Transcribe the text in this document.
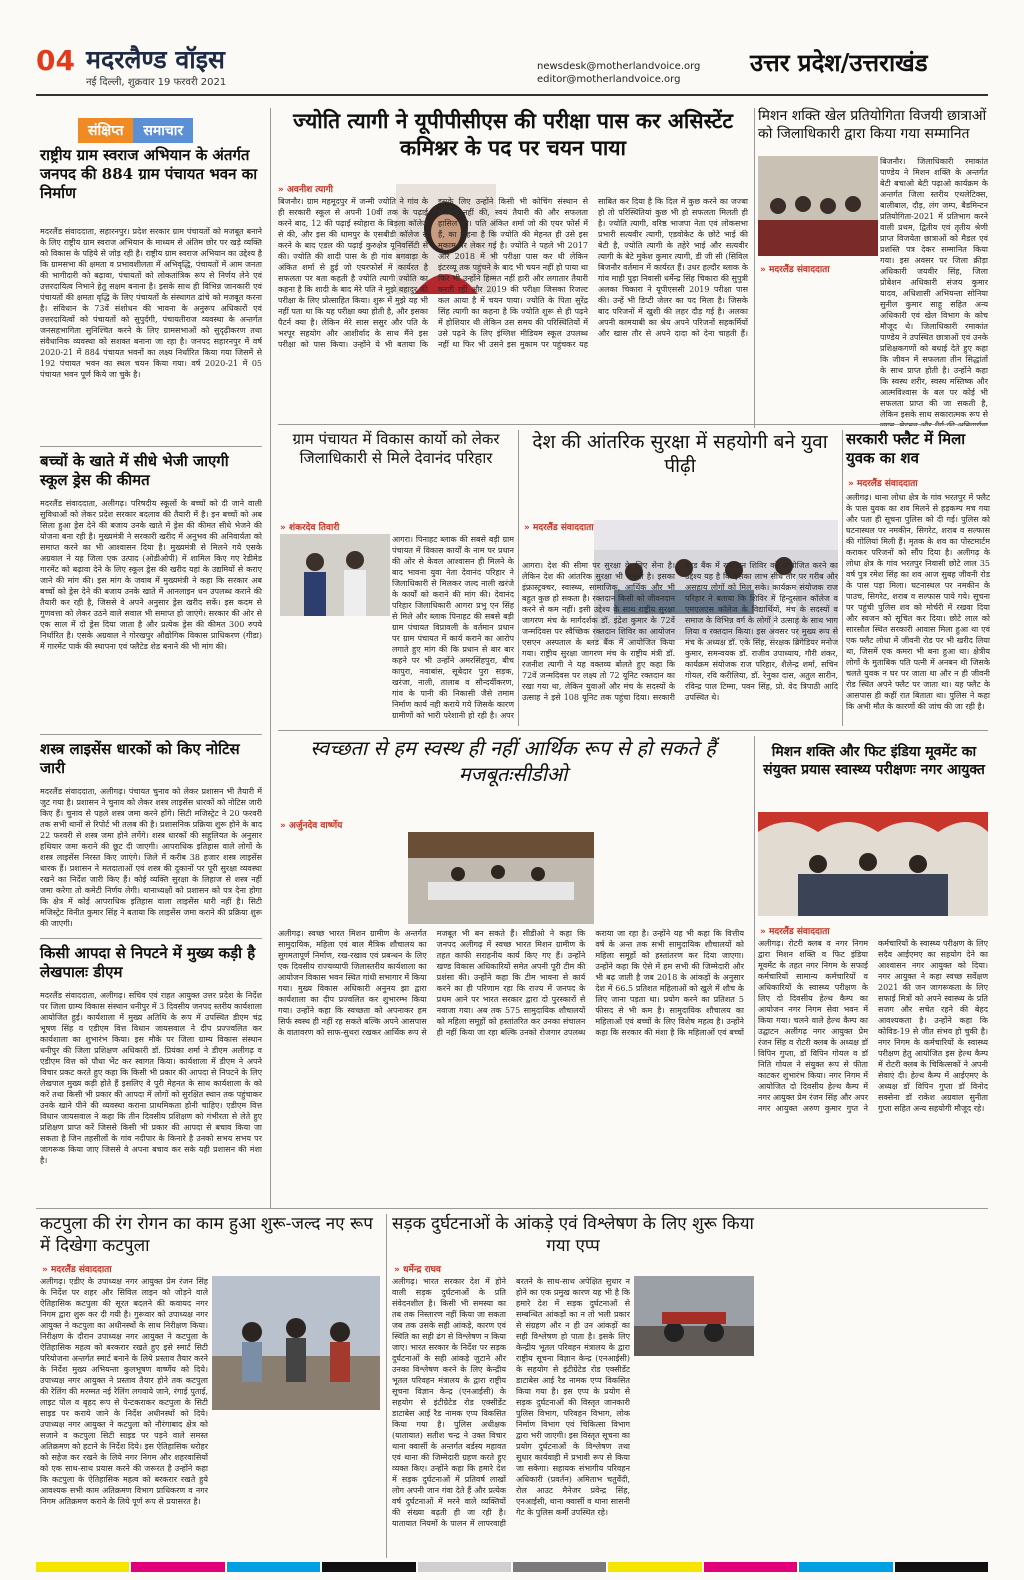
04 मदरलैण्ड वॉइस
नई दिल्ली, शुक्रवार 19 फरवरी 2021
newsdesk@motherlandvoice.org
editor@motherlandvoice.org
उत्तर प्रदेश/उत्तराखंड
संक्षिप्त समाचार
राष्ट्रीय ग्राम स्वराज अभियान के अंतर्गत जनपद की 884 ग्राम पंचायत भवन का निर्माण
मदरलैंड संवाददाता, सहारनपुर। प्रदेश सरकार ग्राम पंचायतों को मजबूत बनाने के लिए राष्ट्रीय ग्राम स्वराज अभियान के माध्यम से अंतिम छोर पर खड़े व्यक्ति को विकास के पहिये से जोड़ रही है। राष्ट्रीय ग्राम स्वराज अभियान का उद्देश्य है कि ग्रामसभा की क्षमता व प्रभावशीलता में अभिवृद्धि, पंचायतों में आम जनता की भागीदारी को बढ़ावा, पंचायतों को लोकतांत्रिक रूप से निर्णय लेने एवं उत्तरदायित्व निभाने हेतु सक्षम बनाना है। इसके साथ ही विभिन्न जानकारी एवं पंचायतों की क्षमता वृद्धि के लिए पंचायतों के संस्थागत ढांचे को मजबूत करना है। संविधान के 73वें संशोधन की भावना के अनुरूप अधिकारों एवं उत्तरदायित्वों को पंचायतों को सुपुर्दगी, पंचायतीराज व्यवस्था के अन्तर्गत जनसहभागिता सुनिश्चित करने के लिए ग्रामसभाओं को सुदृढ़ीकरण तथा संवैधानिक व्यवस्था को सशक्त बनाना जा रहा है। जनपद सहारनपुर में वर्ष 2020-21 में 884 पंचायत भवनों का लक्ष्य निर्धारित किया गया जिसमें से 192 पंचायत भवन का स्थल चयन किया गया। वर्ष 2020-21 में 05 पंचायत भवन पूर्ण किये जा चुके है।
बच्चों के खाते में सीधे भेजी जाएगी स्कूल ड्रेस की कीमत
मदरलैंड संवाददाता, अलीगढ़। परिषदीय स्कूलों के बच्चों को दी जाने वाली सुविधाओं को लेकर प्रदेश सरकार बदलाव की तैयारी में है। इन बच्चों को अब सिला हुआ ड्रेस देने की बजाय उनके खाते में ड्रेस की कीमत सीधे भेजने की योजना बना रही है। मुख्यमंत्री ने सरकारी खरीद में अनुभव की अनिवार्यता को समाप्त करने का भी आश्वासन दिया है। मुख्यमंत्री से मिलने गये एसके अग्रवाल ने यह जिला एक उत्पाद (ओडीओपी) में शामिल किए गए रेडीमेड गारमेंट को बढ़ावा देने के लिए स्कूल ड्रेस की खरीद यहां के उद्यमियों से कराए जाने की मांग की। इस मांग के जवाब में मुख्यमंत्री ने कहा कि सरकार अब बच्चों को ड्रेस देने की बजाय उनके खाते में आनलाइन धन उपलब्ध कराने की तैयारी कर रही है, जिससे वे अपने अनुसार ड्रेस खरीद सकें। इस कदम से गुणवत्ता को लेकर उठने वाले सवाल भी समाप्त हो जाएंगे। सरकार की ओर से एक साल में दो ड्रेस दिया जाता है और प्रत्येक ड्रेस की कीमत 300 रुपये निर्धारित है। एसके अग्रवाल ने गोरखपुर औद्योगिक विकास प्राधिकरण (गीडा) में गारमेंट पार्क की स्थापना एवं फ्लैटेड शेड बनाने की भी मांग की।
शस्त्र लाइसेंस धारकों को किए नोटिस जारी
मदरलैंड संवाददाता, अलीगढ़। पंचायत चुनाव को लेकर प्रशासन भी तैयारी में जुट गया है। प्रशासन ने चुनाव को लेकर शस्त्र लाइसेंस धारकों को नोटिस जारी किए हैं। चुनाव से पहले शस्त्र जमा करने होंगे। सिटी मजिस्ट्रेट ने 20 फरवरी तक सभी थानों से रिपोर्ट भी तलब की है। प्रशासनिक प्रक्रिया शुरू होने के बाद 22 फरवरी से शस्त्र जमा होने लगेंगे। शस्त्र धारकों की सहूलियत के अनुसार हथियार जमा कराने की छूट दी जाएगी। आपराधिक इतिहास वाले लोगों के शस्त्र लाइसेंस निरस्त किए जाएंगे। जिले में करीब 38 हजार शस्त्र लाइसेंस धारक हैं। प्रशासन ने मतदाताओं एवं शस्त्र की दुकानों पर पूरी सुरक्षा व्यवस्था रखने का निर्देश जारी किए हैं। कोई व्यक्ति सुरक्षा के लिहाज से शस्त्र नहीं जमा करेगा तो कमेटी निर्णय लेगी। थानाध्यक्षों को प्रशासन को पत्र देना होगा कि क्षेत्र में कोई आपराधिक इतिहास वाला लाइसेंस धारी नहीं है। सिटी मजिस्ट्रेट विनीत कुमार सिंह ने बताया कि लाइसेंस जमा कराने की प्रक्रिया शुरू की जाएगी।
किसी आपदा से निपटने में मुख्य कड़ी है लेखपालः डीएम
मदरलैंड संवाददाता, अलीगढ़। सचिव एवं राहत आयुक्त उत्तर प्रदेश के निर्देश पर जिला ग्राम्य विकास संस्थान धनीपुर में 3 दिवसीय जनपद स्तरीय कार्यशाला आयोजित हुई। कार्यशाला में मुख्य अतिथि के रूप में उपस्थित डीएम चंद्र भूषण सिंह व एडीएम वित्त विधान जायसवाल ने दीप प्रज्ज्वलित कर कार्यशाला का शुभारंभ किया। इस मौके पर जिला ग्राम्य विकास संस्थान धनीपुर की जिला प्रशिक्षण अधिकारी डॉ. प्रियंका शर्मा ने डीएम अलीगढ़ व एडीएम वित्त को पौधा भेंट कर स्वागत किया। कार्यशाला में डीएम ने अपने विचार प्रकट करते हुए कहा कि किसी भी प्रकार की आपदा से निपटने के लिए लेखपाल मुख्य कड़ी होते हैं इसलिए वे पूरी मेहनत के साथ कार्यशाला के को करें तथा किसी भी प्रकार की आपदा में लोगों को सुरक्षित स्थान तक पहुंचाकर उनके खाने पीने की व्यवस्था कराना प्राथमिकता होनी चाहिए। एडीएम वित्त विधान जायसवाल ने कहा कि तीन दिवसीय प्रशिक्षण को गंभीरता से लेते हुए प्रशिक्षण प्राप्त करें जिससे किसी भी प्रकार की आपदा से बचाव किया जा सकता है जिन तहसीलों के गांव नदीपार के किनारे है उनको सभय सभय पर जागरूक किया जाए जिससे वे अपना बचाव कर सके यही प्रशासन की मंशा है।
ज्योति त्यागी ने यूपीपीसीएस की परीक्षा पास कर असिस्टेंट कमिश्नर के पद पर चयन पाया
» अवनीश त्यागी
बिजनौर। ग्राम महमूदपुर में जन्मी ज्योति ने गांव के ही सरकारी स्कूल से अपनी 10वीं तक के पढ़ाई करने बाद, 12 की पढ़ाई स्योहारा के बिड़ला कॉलेज से की, और इस की धामपुर के एसबीडी कॉलेज से करने के बाद एडल की पढ़ाई कुरुक्षेत्र यूनिवर्सिटी से की। ज्योति की शादी पास के ही गांव बगवाड़ा के अंकित शर्मा से हुई जो एयरफोर्स में कार्यरत है सफलता पर बता कहती है ज्योति त्यागी ज्योति का कहना है कि शादी के बाद मेरे पति ने मुझे बहादुर की परीक्षा के लिए प्रोत्साहित किया। शुरू में मुझे यह भी नहीं पता था कि यह परीक्षा क्या होती है, और इसका पैटर्न क्या है। लेकिन मेरे सास ससुर और पति के भरपूर सहयोग और आशीर्वाद के साथ मैंने इस परीक्षा को पास किया। उन्होंने ये भी बताया कि इसके लिए उन्होंने किसी भी कोचिंग संस्थान से कोचिंग नहीं की, स्वयं तैयारी की और सफलता हासिल की। पति अंकित शर्मा जो की एयर फोर्स में हैं, का कहना है कि ज्योति की मेहनत ही उसे इस मुकाम पर लेकर गई है। ज्योति ने पहले भी 2017 और 2018 में भी परीक्षा पास कर थी लेकिन इंटरव्यू तक पहुंचने के बाद भी चयन नहीं हो पाया था फिर भी उन्होंने हिम्मत नहीं हारी और लगातार तैयारी करती रहीं और 2019 की परीक्षा जिसका रिजल्ट कल आया है में चयन पाया। ज्योति के पिता सुरेंद्र सिंह त्यागी का कहना है कि ज्योति शुरू से ही पढ़ने में होशियार थी लेकिन उस समय की परिस्थितियों में उसे पढ़ने के लिए इंग्लिश मीडियम स्कूल उपलब्ध नहीं था फिर भी उसने इस मुकाम पर पहुंचकर यह साबित कर दिया है कि दिल में कुछ करने का जज्बा हो तो परिस्थितियां कुछ भी हो सफलता मिलती ही है। ज्योति त्यागी, वरिष्ठ भाजपा नेता एवं लोकसभा प्रभारी सत्यवीर त्यागी, एडवोकेट के छोटे भाई की बेटी है, ज्योति त्यागी के तहेरे भाई और सत्यवीर त्यागी के बेटे मुकेश कुमार त्यागी, डी जी सी (सिविल बिजनौर वर्तमान में कार्यरत हैं। उधर हल्दौर ब्लाक के गांव माही पुड़ा निवासी धर्मेन्द्र सिंह चिकारा की सुपुत्री अलका चिकारा ने यूपीएससी 2019 परीक्षा पास की। उन्हें भी डिप्टी जेलर का पद मिला है। जिसके बाद परिजनों में खुशी की लहर दौड़ गई है। अलका अपनी कामयाबी का श्रेय अपने परिजनों सहकर्मियों और खास तौर से अपने दादा को देना चाहती हैं।
मिशन शक्ति खेल प्रतियोगिता विजयी छात्राओं को जिलाधिकारी द्वारा किया गया सम्मानित
» मदरलैंड संवाददाता
बिजनौर। जिलाधिकारी रमाकांत पाण्डेय ने मिशन शक्ति के अन्तर्गत बेटी बचाओ बेटी पढ़ाओ कार्यक्रम के अन्तर्गत जिला स्तरीय एथलेटिक्स, बालीबाल, दौड़, लंग जम्प, बैडमिन्टन प्रतियोगिता-2021 में प्रतिभाग करने वाली प्रथम, द्वितीय एवं तृतीय श्रेणी प्राप्त विजयेता छात्राओं को मैडल एवं प्रशस्ति पत्र देकर सम्मानित किया गया। इस अवसर पर जिला क्रीड़ा अधिकारी जयवीर सिंह, जिला प्रोबेशन अधिकारी संजय कुमार यादव, अधिशासी अभियन्ता सोनिया सुनील कुमार साहू सहित अन्य अधिकारी एवं खेल विभाग के कोच मौजूद थे। जिलाधिकारी रमाकांत पाण्डेय ने उपस्थित छात्राओं एवं उनके प्रशिक्षकगणों को बधाई देते हुए कहा कि जीवन में सफलता तीन सिद्धांतों के साथ प्राप्त होती है। उन्होंने कहा कि स्वस्थ शरीर, स्वस्थ मस्तिष्क और आत्मविश्वास के बल पर कोई भी सफलता प्राप्त की जा सकती है, लेकिन इसके साथ सकारात्मक रूप से
ग्राम पंचायत में विकास कार्यो को लेकर जिलाधिकारी से मिले देवानंद परिहार
» शंकरदेव तिवारी
आगरा। पिनाहट ब्लाक की सबसे बड़ी ग्राम पंचायत में विकास कार्यों के नाम पर प्रधान की ओर से केवल आश्वासन ही मिलने के बाद भावना युवा नेता देवानंद परिहार ने जिलाधिकारी से मिलकर जल्द नाली खरंजे के कार्यों को कराने की मांग की। देवानंद परिहार जिलाधिकारी आगरा प्रभु एन सिंह से मिले और ब्लाक पिनाहट की सबसे बड़ी ग्राम पंचायत विप्रावली के वर्तमान प्रधान पर ग्राम पंचायत में कार्य कराने का आरोप लगाते हुए मांग की कि प्रधान से बार बार कहने पर भी उन्होंने अमरसिंहपुरा, बीच कापुरा, नवाबांस, सूबेदार पुरा सड़क, खरंजा, नाली, तालाब व सौन्दर्यीकरण, गांव के पानी की निकासी जैसे तमाम निर्माण कार्य नही कराये गये जिसके कारण ग्रामीणों को भारी परेशानी हो रही है। अपर
देश की आंतरिक सुरक्षा में सहयोगी बने युवा पीढ़ी
» मदरलैंड संवाददाता
आगरा। देश की सीमा पर सुरक्षा के लिए सेना है। लेकिन देश की आंतरिक सुरक्षा भी जरूरी है। इसका इंफ्रास्ट्रक्चर, स्वास्थ्य, सामाजिक, आर्थिक और भी बहुत कुछ हो सकता है। रक्तदान किसी को जीवनदान करने से कम नहीं। इसी उद्देश्य के साथ राष्ट्रीय सुरक्षा जागरण मंच के मार्गदर्शक डॉ. इंद्रेश कुमार के 72वें जन्मदिवस पर स्वैच्छिक रक्तदान शिविर का आयोजन एसएन अस्पताल के ब्लड बैंक में आयोजित किया गया। राष्ट्रीय सुरक्षा जागरण मंच के राष्ट्रीय मंत्री डॉ. रजनीश त्यागी ने यह वक्तव्य बोलते हुए कहा कि 72वें जन्मदिवस पर लक्ष्य तो 72 यूनिट रक्तदान का रखा गया था, लेकिन युवाओं और मंच के सदस्यों के उत्साह ने इसे 108 यूनिट तक पहुंचा दिया। सरकारी ब्लड बैंक में रक्तदान शिविर को आयोजित करने का उद्देश्य यह है कि इसका लाभ सीधे तौर पर गरीब और असहाय लोगों को मिल सके। कार्यक्रम संयोजक राज परिहार ने बताया कि शिविर में हिन्दुस्तान कॉलेज व एमएलएस कॉलेज के विद्यार्थियों, मंच के सदस्यों व समाज के विभिन्न वर्ग के लोगों ने उत्साह के साथ भाग लिया व रक्तदान किया। इस अवसर पर मुख्य रूप से मंच के अध्यक्ष डॉ. एके सिंह, संरक्षक ब्रिगेडियर मनोज कुमार, समन्वयक डॉ. राजीव उपाध्याय, गौरी शंकर, कार्यक्रम संयोजक राज परिहार, शैलेन्द्र शर्मा, सचिन गोयल, रवि करीलिया, डॉ. रेनुका दास, अतुल सारीन, रविन्द्र पाल टिम्मा, पवन सिंह, प्रो. वेद त्रिपाठी आदि उपस्थित थे।
सरकारी फ्लैट में मिला युवक का शव
» मदरलैंड संवाददाता
अलीगढ़। थाना लोधा क्षेत्र के गांव भरतपुर में फ्लैट के पास युवक का शव मिलने से हड़कम्प मच गया और पता ही सूचना पुलिस को दी गई। पुलिस को घटनास्थल पर नमकीन, सिगरेट, शराब व सल्फास की गोलियां मिली हैं। मृतक के शव का पोस्टमार्टम कराकर परिजनों को सौंप दिया है। अलीगढ़ के लोधा क्षेत्र के गांव भरतपुर निवासी छोटे लाल 35 वर्ष पुत्र रमेश सिंह का शव आज सुबह जीवनी रोड के पास पड़ा मिला। घटनास्थल पर नमकीन के पाउच, सिगरेट, शराब व सल्फास पाये गये। सूचना पर पहुंची पुलिस शव को मोर्चरी में रखवा दिया और स्वजन को सूचित कर दिया। छोटे लाल को सारसौल स्थित सरकारी आवास मिला हुआ था एवं एक फ्लैट लोधा में जीवनी रोड पर भी खरीद लिया था, जिसमें एक कमरा भी बना हुआ था। क्षेत्रीय लोगों के मुताबिक पति पत्नी में अनबन थी जिसके चलते युवक न घर पर जाता था और न ही जीवनी रोड स्थित अपने फ्लैट पर जाता था। यह फ्लैट के आसपास ही कहीं रात बिताता था। पुलिस ने कहा कि अभी मौत के कारणों की जांच की जा रही है।
स्वच्छता से हम स्वस्थ ही नहीं आर्थिक रूप से हो सकते हैं मजबूतःसीडीओ
» अर्जुनदेव वार्ष्णेय
अलीगढ़। स्वच्छ भारत मिशन ग्रामीण के अन्तर्गत सामुदायिक, महिला एवं बाल मैत्रिक शौचालय का सुगमतापूर्ण निर्माण, रख-रखाव एवं प्रबन्धन के लिए एक दिवसीय राज्यव्यापी जिलास्तरीय कार्यशाला का आयोजन विकास भवन स्थित गांधी सभागार में किया गया। मुख्य विकास अधिकारी अनुनय झा द्वारा कार्यशाला का दीप प्रज्वलित कर शुभारम्भ किया गया। उन्होंने कहा कि स्वच्छता को अपनाकर हम सिर्फ स्वस्थ ही नहीं रह सकते बल्कि अपने आसपास के वातावरण को साफ-सुथरा रखकर आर्थिक रूप से मजबूत भी बन सकते हैं। सीडीओ ने कहा कि जनपद अलीगढ़ में स्वच्छ भारत मिशन ग्रामीण के तहत काफी सराहनीय कार्य किए गए हैं। उन्होंने खण्ड विकास अधिकारियों समेत अपनी पूरी टीम की प्रशंसा की। उन्होंने कहा कि टीम भावना से कार्य करने का ही परिणाम रहा कि राज्य में जनपद के प्रथम आने पर भारत सरकार द्वारा दो पुरस्कारों से नवाजा गया। अब तक 575 सामुदायिक शौचालयों को महिला समूहों को हस्तांतरित कर उनका संचालन ही नहीं किया जा रहा बल्कि उनको रोजगार उपलब्ध कराया जा रहा है। उन्होंने यह भी कहा कि वित्तीय वर्ष के अन्त तक सभी सामुदायिक शौचालयों को महिला समूहों को हस्तांतरण कर दिया जाएगा। उन्होंने कहा कि ऐसे में हम सभी की जिम्मेदारी और भी बढ़ जाती है जब 2018 के आंकड़ों के अनुसार देश में 66.5 प्रतिशत महिलाओं को खुले में शौच के लिए जाना पड़ता था। प्रयोग करने का प्रतिशत 5 फीसद से भी कम है। सामुदायिक शौचालय का महिलाओं एवं बच्चों के लिए विशेष महत्व है। उन्होंने कहा कि सरकार की मंशा है कि महिलाओं एवं बच्चों
मिशन शक्ति और फिट इंडिया मूवमेंट का संयुक्त प्रयास स्वास्थ्य परीक्षणः नगर आयुक्त
» मदरलैंड संवाददाता
अलीगढ़। रोटरी क्लब व नगर निगम द्वारा मिशन शक्ति व फिट इंडिया मूवमेंट के तहत नगर निगम के सफाई कर्मचारियों सामान्य कर्मचारियों व अधिकारियों के स्वास्थ्य परीक्षण के लिए दो दिवसीय हेल्थ कैम्प का आयोजन नगर निगम सेवा भवन में किया गया। चलने वाले हेल्थ कैम्प का उद्घाटन अलीगढ़ नगर आयुक्त प्रेम रंजन सिंह व रोटरी क्लब के अध्यक्ष डॉ विपिन गुप्ता, डॉ विपिन गोयल व डॉ निति गोयल ने संयुक्त रूप से फीता काटकर शुभारंभ किया। नगर निगम में आयोजित दो दिवसीय हेल्थ कैम्प में नगर आयुक्त प्रेम रंजन सिंह और अपर नगर आयुक्त अरुण कुमार गुप्त ने कर्मचारियों के स्वास्थ्य परीक्षण के लिए सदैव आईएमए का सहयोग देने का आश्वासन नगर आयुक्त को दिया। नगर आयुक्त ने कहा स्वच्छ सर्वेक्षण 2021 की जन जागरूकता के लिए सफाई मित्रों को अपने स्वास्थ्य के प्रति सजग और सचेत रहने की बेहद आवश्यकता है। उन्होंने कहा कि कोविड-19 से जीत संभव हो चुकी है। नगर निगम के कर्मचारियों के स्वास्थ्य परीक्षण हेतु आयोजित इस हेल्थ कैम्प में रोटरी क्लब के चिकित्सकों ने अपनी सेवाएं दी। हेल्थ कैम्प में आईएमए के अध्यक्ष डॉ विपिन गुप्ता डॉ विनोद सक्सेना डॉ राकेश अग्रवाल सुनीता गुप्ता सहित अन्य सहयोगी मौजूद रहे।
कटपुला की रंग रोगन का काम हुआ शुरू-जल्द नए रूप में दिखेगा कटपुला
» मदरलैंड संवाददाता
अलीगढ़। एडीए के उपाध्यक्ष नगर आयुक्त प्रेम रंजन सिंह के निर्देश पर शहर और सिविल लाइन को जोड़ने वाले ऐतिहासिक कटपुला की सूरत बदलने की कवायद नगर निगम द्वारा शुरू कर दी गयी है। गुरूवार को उपाध्यक्ष नगर आयुक्त ने कटपुला का अधीनस्थों के साथ निरीक्षण किया। निरीक्षण के दौरान उपाध्यक्ष नगर आयुक्त ने कटपुला के ऐतिहासिक महत्व को बरकरार रखते हुए इसे स्मार्ट सिटी परियोजना अन्तर्गत स्मार्ट बनाने के लिये प्रस्ताव तैयार करने के निर्देश मुख्य अभियन्ता कुलभूषण वार्ष्णेय को दिये। उपाध्यक्ष नगर आयुक्त ने प्रस्ताव तैयार होने तक कटपुला की रेलिंग की मरम्मत नई रेलिंग लगवाये जाने, रंगाई पुताई, लाइट पोल व बृहद रूप से पेन्टकराकर कटपुला के सिटी साइड पर कराये जाने के निर्देश अधीनस्थों को दिये। उपाध्यक्ष नगर आयुक्त ने कटपुला को नौरंगाबाद क्षेत्र को सजाने व कटपुला सिटी साइड पर पड़ने वाले समस्त अतिक्रमण को हटाने के निर्देश दिये। इस ऐतिहासिक धरोहर को सहेज कर रखने के लिये नगर निगम और शहरवासियों को एक साथ-साथ प्रयास करने की जरूरत है उन्होंने कहा कि कटपुला के ऐतिहासिक महत्व को बरकरार रखते हुये आवश्यक सभी काम अतिक्रमण विभाग प्राधिकरण व नगर निगम अतिक्रमण कराने के लिये पूर्ण रूप से प्रयासरत है।
सड़क दुर्घटनाओं के आंकड़े एवं विश्लेषण के लिए शुरू किया गया एप्प
» धर्मेन्द्र राघव
अलीगढ़। भारत सरकार देश में होने वाली सड़क दुर्घटनाओं के प्रति संवेदनशील है। किसी भी समस्या का तब तक निस्तारण नहीं किया जा सकता जब तक उसके सही आंकड़े, कारण एवं स्थिति का सही ढंग से विश्लेषण न किया जाए। भारत सरकार के निर्देश पर सड़क दुर्घटनाओं के सही आंकड़े जुटाने और उनका विश्लेषण करने के लिए केन्द्रीय भूतल परिवहन मंत्रालय के द्वारा राष्ट्रीय सूचना विज्ञान केन्द्र (एनआईसी) के सहयोग से इंटीग्रेटेड रोड एक्सीडेंट डाटाबेस आई रैड नामक एप्प विकसित किया गया है। पुलिस अधीक्षक (यातायात) सतीश चन्द्र ने उक्त विचार थाना क्वार्सी के अन्तर्गत बर्डस्य महावत एवं थाना की जिम्मेदारी ग्रहण करते हुए व्यक्त किए। उन्होंने कहा कि हमारे देश में सड़क दुर्घटनाओं में प्रतिवर्ष लाखों लोग अपनी जान गंवा देते हैं और प्रत्येक वर्ष दुर्घटनाओं में मरने वाले व्यक्तियों की संख्या बढ़ती ही जा रही है। यातायात नियमों के पालन में लापरवाही बरतने के साथ-साथ अपेक्षित सुधार न होने का एक प्रमुख कारण यह भी है कि हमारे देश में सड़क दुर्घटनाओं से सम्बन्धित आंकड़ों का न तो भली प्रकार से संग्रहण और न ही उन आंकड़ों का सही विश्लेषण हो पाता है। इसके लिए केन्द्रीय भूतल परिवहन मंत्रालय के द्वारा राष्ट्रीय सूचना विज्ञान केन्द्र (एनआईसी) के सहयोग से इंटीग्रेटेड रोड एक्सीडेंट डाटाबेस आई रैड नामक एप्प विकसित किया गया है। इस एप्प के प्रयोग से सड़क दुर्घटनाओं की विस्तृत जानकारी पुलिस विभाग, परिवहन विभाग, लोक निर्माण विभाग एवं चिकित्सा विभाग द्वारा भरी जाएगी। इस विस्तृत सूचना का प्रयोग दुर्घटनाओं के विश्लेषण तथा सुधार कार्यवाही में प्रभावी रूप से किया जा सकेगा। सहायक संभागीय परिवहन अधिकारी (प्रवर्तन) अमिताभ चतुर्वेदी, रोल आउट मैनेजर प्रवेन्द्र सिंह, एनआईसी, थाना क्वार्सी व थाना सासनी गेट के पुलिस कर्मी उपस्थित रहे।
